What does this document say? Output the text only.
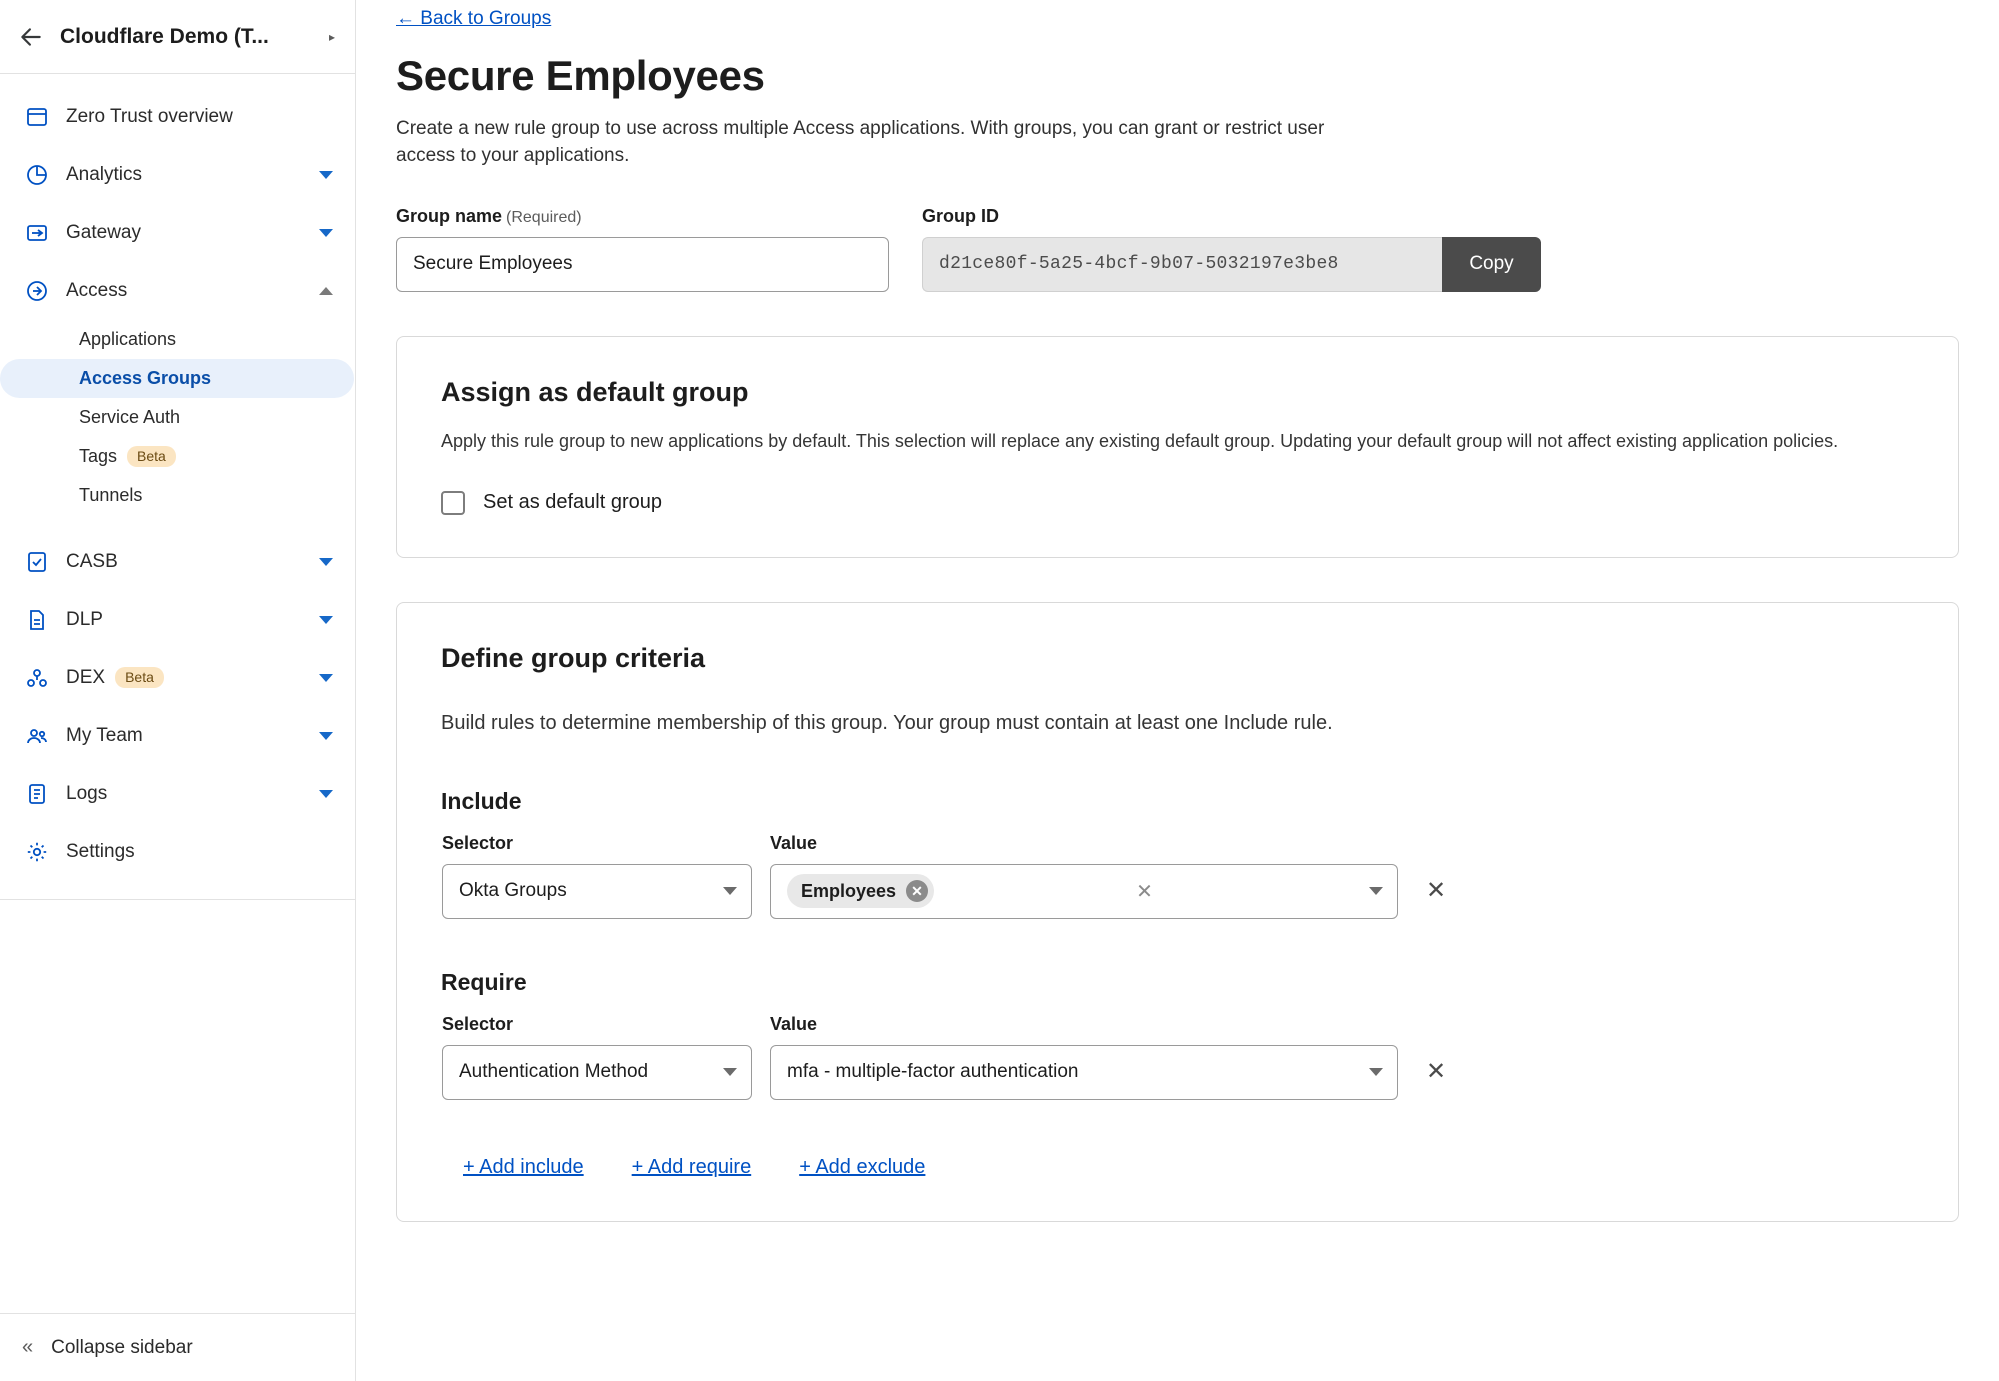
Cloudflare Demo (T...	▸
Zero Trust overview
Analytics
Gateway
Access
Applications
Access Groups
Service Auth
Tags	Beta
Tunnels
CASB
DLP
DEX Beta
My Team
Logs
Settings
« Collapse sidebar
← Back to Groups
Secure Employees

Create a new rule group to use across multiple Access applications. With groups, you can grant or restrict user access to your applications.

Group name (Required)
Secure Employees	Group ID
d21ce80f-5a25-4bcf-9b07-5032197e3be8
Copy
Assign as default group

Apply this rule group to new applications by default. This selection will replace any existing default group. Updating your default group will not affect existing application policies.

Set as default group
Define group criteria

Build rules to determine membership of this group. Your group must contain at least one Include rule.

Include
Selector
Okta Groups
Value
Employees	✕	✕	✕
Require
Selector
Authentication Method
Value
mfa - multiple-factor authentication	✕
+ Add include + Add require + Add exclude
